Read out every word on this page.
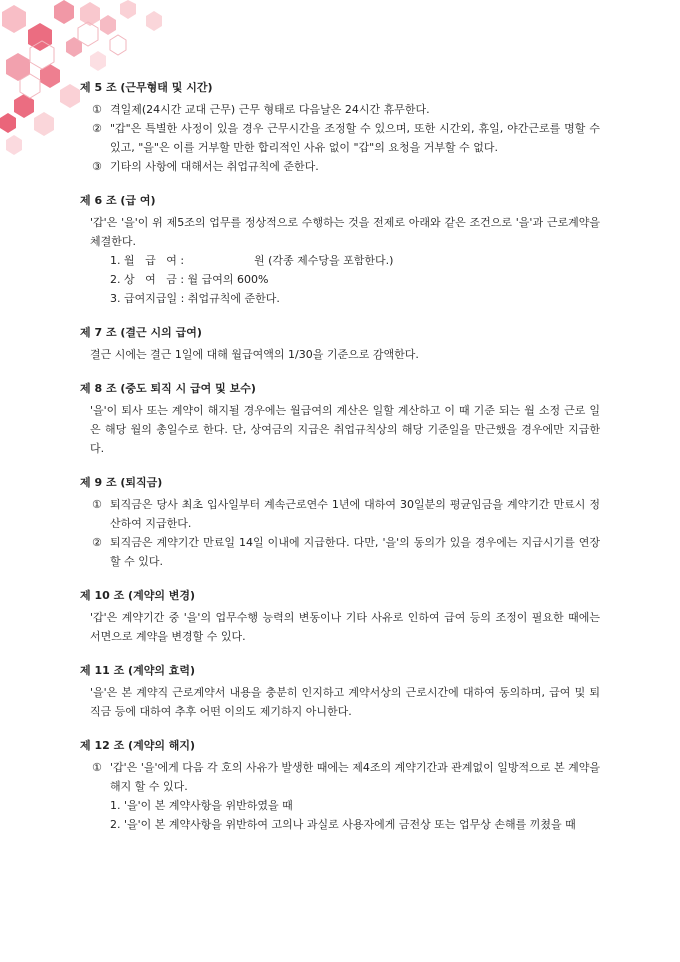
제 5 조 (근무형태 및 시간)
① 격일제(24시간 교대 근무) 근무 형태로 다음날은 24시간 휴무한다.
② "갑"은 특별한 사정이 있을 경우 근무시간을 조정할 수 있으며, 또한 시간외, 휴일, 야간근로를 명할 수 있고, "을"은 이를 거부할 만한 합리적인 사유 없이 "갑"의 요청을 거부할 수 없다.
③ 기타의 사항에 대해서는 취업규칙에 준한다.
제 6 조 (급 여)
'갑'은 '을'이 위 제5조의 업무를 정상적으로 수행하는 것을 전제로 아래와 같은 조건으로 '을'과 근로계약을 체결한다.
1. 월   급   여 :                    원 (각종 제수당을 포함한다.)
2. 상   여   금 : 월 급여의 600%
3. 급여지급일 : 취업규칙에 준한다.
제 7 조 (결근 시의 급여)
결근 시에는 결근 1일에 대해 월급여액의 1/30을 기준으로 감액한다.
제 8 조 (중도 퇴직 시 급여 및 보수)
'을'이 퇴사 또는 계약이 해지될 경우에는 월급여의 계산은 일할 계산하고 이 때 기준 되는 월 소정 근로 일은 해당 월의 총일수로 한다. 단, 상여금의 지급은 취업규칙상의 해당 기준일을 만근했을 경우에만 지급한다.
제 9 조 (퇴직금)
① 퇴직금은 당사 최초 입사일부터 계속근로연수 1년에 대하여 30일분의 평균임금을 계약기간 만료시 정산하여 지급한다.
② 퇴직금은 계약기간 만료일 14일 이내에 지급한다. 다만, '을'의 동의가 있을 경우에는 지급시기를 연장 할 수 있다.
제 10 조 (계약의 변경)
'갑'은 계약기간 중 '을'의 업무수행 능력의 변동이나 기타 사유로 인하여 급여 등의 조정이 필요한 때에는 서면으로 계약을 변경할 수 있다.
제 11 조 (계약의 효력)
'을'은 본 계약직 근로계약서 내용을 충분히 인지하고 계약서상의 근로시간에 대하여 동의하며, 급여 및 퇴직금 등에 대하여 추후 어떤 이의도 제기하지 아니한다.
제 12 조 (계약의 해지)
① '갑'은 '을'에게 다음 각 호의 사유가 발생한 때에는 제4조의 계약기간과 관계없이 일방적으로 본 계약을 해지 할 수 있다.
1. '을'이 본 계약사항을 위반하였을 때
2. '을'이 본 계약사항을 위반하여 고의나 과실로 사용자에게 금전상 또는 업무상 손해를 끼쳤을 때
